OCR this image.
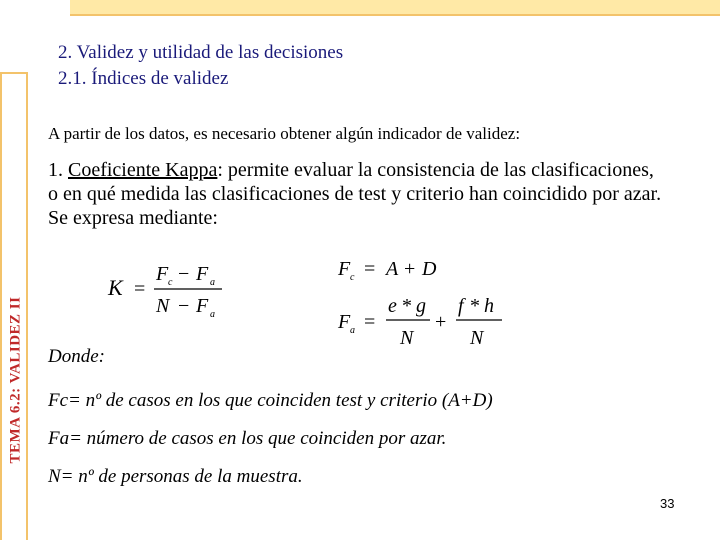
TEMA 6.2: VALIDEZ II
2. Validez y utilidad de las decisiones
2.1. Índices de validez
A partir de los datos, es necesario obtener algún indicador de validez:
1. Coeficiente Kappa: permite evaluar la consistencia de las clasificaciones,
o en qué medida las clasificaciones de test y criterio han coincidido por azar.
Se expresa mediante:
K =
F c − F a
N − F a
F c = A + D
F a =
e * g
N
+
f * h
N
Donde:
Fc= nº de casos en los que coinciden test y criterio (A+D)
Fa= número de casos en los que coinciden por azar.
N= nº de personas de la muestra.
33
